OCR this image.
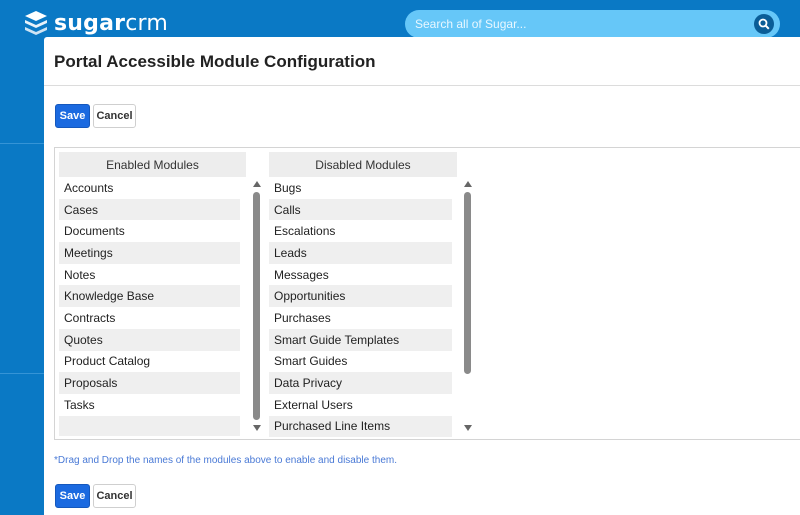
sugarcrm	Search all of Sugar...
Portal Accessible Module Configuration
Save	Cancel
Enabled Modules
Accounts
Cases
Documents
Meetings
Notes
Knowledge Base
Contracts
Quotes
Product Catalog
Proposals
Tasks
Disabled Modules
Bugs
Calls
Escalations
Leads
Messages
Opportunities
Purchases
Smart Guide Templates
Smart Guides
Data Privacy
External Users
Purchased Line Items
*Drag and Drop the names of the modules above to enable and disable them.
Save	Cancel
